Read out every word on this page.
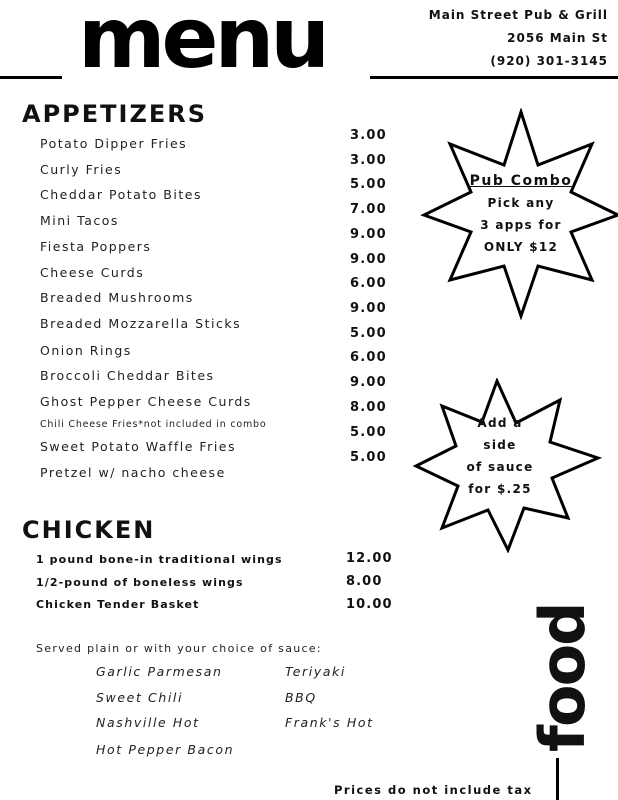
menu	Main Street Pub & Grill
2056 Main St
(920) 301-3145
APPETIZERS
Potato Dipper Fries
Curly Fries
Cheddar Potato Bites
Mini Tacos
Fiesta Poppers
Cheese Curds
Breaded Mushrooms
Breaded Mozzarella Sticks
Onion Rings
Broccoli Cheddar Bites
Ghost Pepper Cheese Curds
Chili Cheese Fries*not included in combo
Sweet Potato Waffle Fries
Pretzel w/ nacho cheese
3.00
3.00
5.00
7.00
9.00
9.00
6.00
9.00
5.00
6.00
9.00
8.00
5.00
5.00
Pub Combo
Pick any
3 apps for
ONLY $12
Add a
side
of sauce
for $.25
CHICKEN
1 pound bone-in traditional wings
1/2-pound of boneless wings
Chicken Tender Basket
12.00
8.00
10.00
Served plain or with your choice of sauce:
Garlic Parmesan
Sweet Chili
Nashville Hot
Hot Pepper Bacon
Teriyaki
BBQ
Frank's Hot food
Prices do not include tax
